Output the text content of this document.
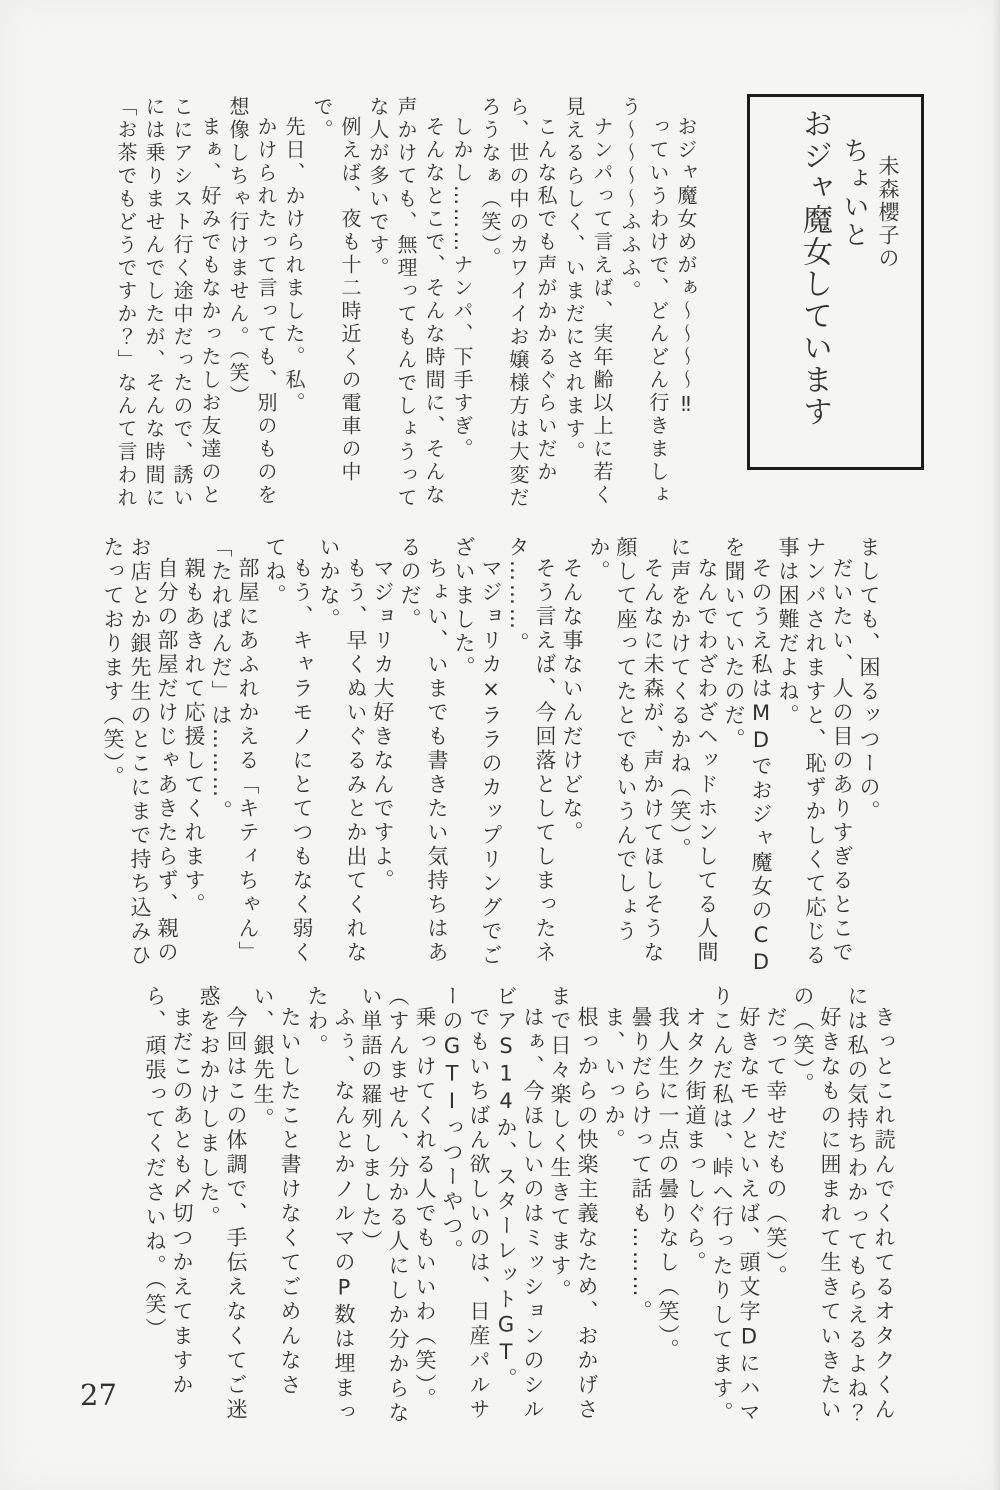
未森櫻子の

ちょいと

おジャ魔女しています

おジャ魔女めがぁ〜〜〜〜‼

っていうわけで、どんどん行きましょう〜〜〜〜ふふふ。

ナンパって言えば、実年齢以上に若く見えるらしく、いまだにされます。

こんな私でも声がかかるぐらいだから、世の中のカワイイお嬢様方は大変だろうなぁ（笑）。

しかし………ナンパ、下手すぎ。

そんなとこで、そんな時間に、そんな声かけても、無理ってもんでしょうってな人が多いです。

例えば、夜も十二時近くの電車の中で。

先日、かけられました。私。

かけられたって言っても、別のものを想像しちゃ行けません。（笑）

まぁ、好みでもなかったしお友達のとこにアシスト行く途中だったので、誘いには乗りませんでしたが、そんな時間に「お茶でもどうですか？」なんて言われ

ましても、困るッつーの。

だいたい、人の目のありすぎるとこでナンパされますと、恥ずかしくて応じる事は困難だよね。

そのうえ私はMDでおジャ魔女のCDを聞いていたのだ。

なんでわざわざヘッドホンしてる人間に声をかけてくるかね（笑）。

そんなに未森が、声かけてほしそうな顔して座ってたとでもいうんでしょうか。

そんな事ないんだけどな。

そう言えば、今回落としてしまったネタ………。

マジョリカ×ララのカップリングでございました。

ちょい、いまでも書きたい気持ちはあるのだ。

マジョリカ大好きなんですよ。

もう、早くぬいぐるみとか出てくれないかな。

もう、キャラモノにとてつもなく弱くてね。

部屋にあふれかえる「キティちゃん」「たれぱんだ」は………。

親もあきれて応援してくれます。

自分の部屋だけじゃあきたらず、親のお店とか銀先生のとこにまで持ち込みひたっております（笑）。

きっとこれ読んでくれてるオタクくんには私の気持ちわかってもらえるよね？

好きなものに囲まれて生きていきたいの（笑）。

だって幸せだもの（笑）。

好きなモノといえば、頭文字Dにハマりこんだ私は、峠へ行ったりしてます。

オタク街道まっしぐら。

我人生に一点の曇りなし（笑）。

曇りだらけって話も………。

ま、いっか。

根っからの快楽主義なため、おかげさまで日々楽しく生きてます。

はぁ、今ほしいのはミッションのシルビアS14か、スターレットGT。

でもいちばん欲しいのは、日産パルサーのGTIっつーやつ。

乗っけてくれる人でもいいわ（笑）。

（すんません、分かる人にしか分からない単語の羅列しました）

ふぅ、なんとかノルマのP数は埋まったわ。

たいしたこと書けなくてごめんなさい、銀先生。

今回はこの体調で、手伝えなくてご迷惑をおかけしました。

まだこのあとも〆切つかえてますから、頑張ってくださいね。（笑）

27
